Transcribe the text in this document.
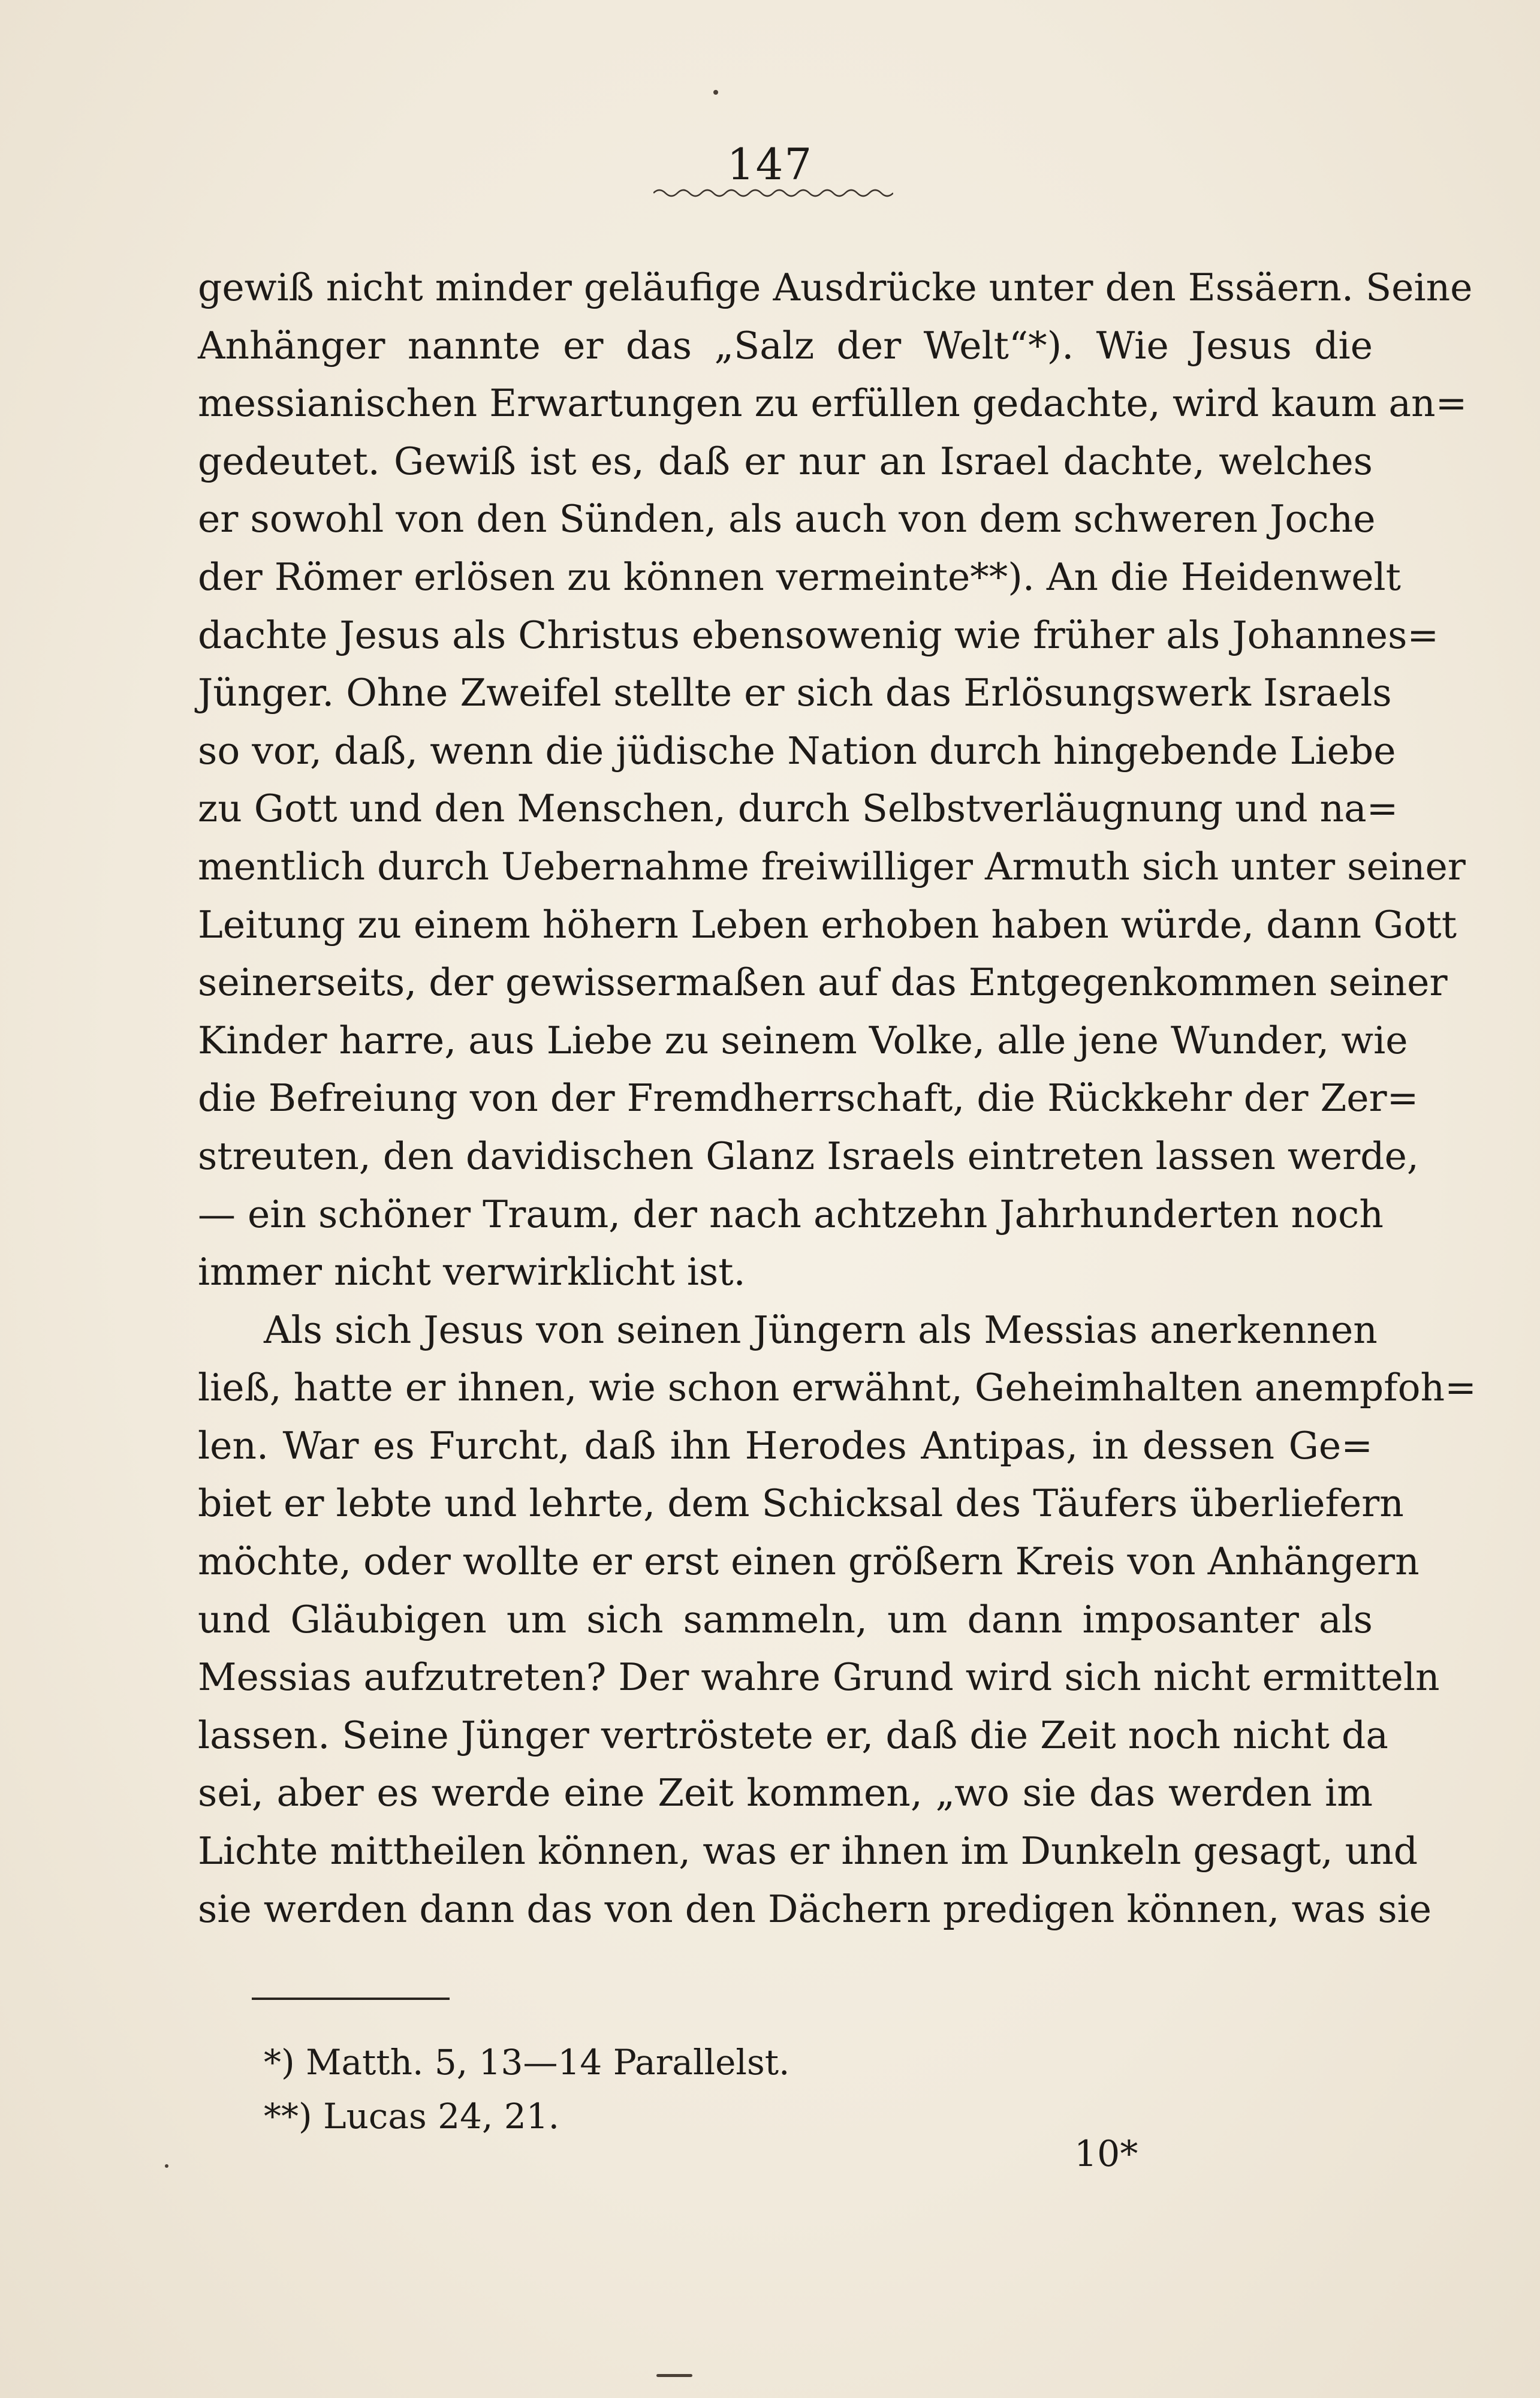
147
gewiß nicht minder geläufige Ausdrücke unter den Essäern. Seine
Anhänger nannte er das „Salz der Welt“*). Wie Jesus die
messianischen Erwartungen zu erfüllen gedachte, wird kaum an=
gedeutet. Gewiß ist es, daß er nur an Israel dachte, welches
er sowohl von den Sünden, als auch von dem schweren Joche
der Römer erlösen zu können vermeinte**). An die Heidenwelt
dachte Jesus als Christus ebensowenig wie früher als Johannes=
Jünger. Ohne Zweifel stellte er sich das Erlösungswerk Israels
so vor, daß, wenn die jüdische Nation durch hingebende Liebe
zu Gott und den Menschen, durch Selbstverläugnung und na=
mentlich durch Uebernahme freiwilliger Armuth sich unter seiner
Leitung zu einem höhern Leben erhoben haben würde, dann Gott
seinerseits, der gewissermaßen auf das Entgegenkommen seiner
Kinder harre, aus Liebe zu seinem Volke, alle jene Wunder, wie
die Befreiung von der Fremdherrschaft, die Rückkehr der Zer=
streuten, den davidischen Glanz Israels eintreten lassen werde,
— ein schöner Traum, der nach achtzehn Jahrhunderten noch
immer nicht verwirklicht ist.
Als sich Jesus von seinen Jüngern als Messias anerkennen
ließ, hatte er ihnen, wie schon erwähnt, Geheimhalten anempfoh=
len. War es Furcht, daß ihn Herodes Antipas, in dessen Ge=
biet er lebte und lehrte, dem Schicksal des Täufers überliefern
möchte, oder wollte er erst einen größern Kreis von Anhängern
und Gläubigen um sich sammeln, um dann imposanter als
Messias aufzutreten? Der wahre Grund wird sich nicht ermitteln
lassen. Seine Jünger vertröstete er, daß die Zeit noch nicht da
sei, aber es werde eine Zeit kommen, „wo sie das werden im
Lichte mittheilen können, was er ihnen im Dunkeln gesagt, und
sie werden dann das von den Dächern predigen können, was sie
*) Matth. 5, 13—14 Parallelst.
**) Lucas 24, 21.
10*
